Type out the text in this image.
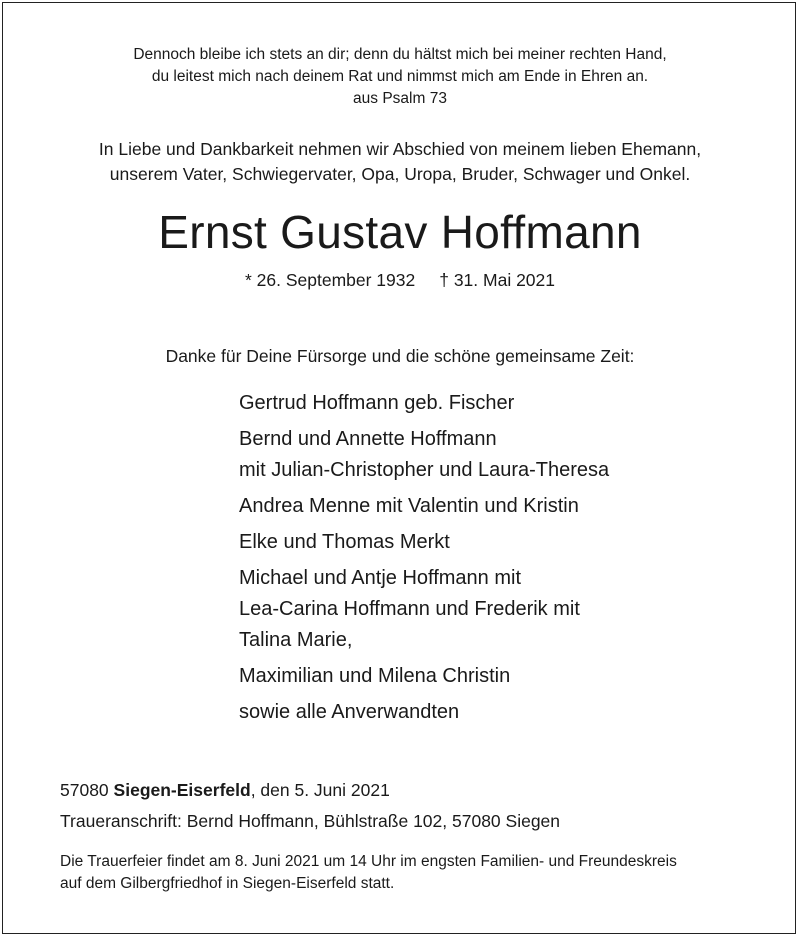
Dennoch bleibe ich stets an dir; denn du hältst mich bei meiner rechten Hand,
du leitest mich nach deinem Rat und nimmst mich am Ende in Ehren an.
aus Psalm 73
In Liebe und Dankbarkeit nehmen wir Abschied von meinem lieben Ehemann,
unserem Vater, Schwiegervater, Opa, Uropa, Bruder, Schwager und Onkel.
Ernst Gustav Hoffmann
* 26. September 1932 † 31. Mai 2021
Danke für Deine Fürsorge und die schöne gemeinsame Zeit:
Gertrud Hoffmann geb. Fischer
Bernd und Annette Hoffmann
mit Julian-Christopher und Laura-Theresa
Andrea Menne mit Valentin und Kristin
Elke und Thomas Merkt
Michael und Antje Hoffmann mit
Lea-Carina Hoffmann und Frederik mit
Talina Marie,
Maximilian und Milena Christin
sowie alle Anverwandten
57080 Siegen-Eiserfeld, den 5. Juni 2021
Traueranschrift: Bernd Hoffmann, Bühlstraße 102, 57080 Siegen
Die Trauerfeier findet am 8. Juni 2021 um 14 Uhr im engsten Familien- und Freundeskreis
auf dem Gilbergfriedhof in Siegen-Eiserfeld statt.
